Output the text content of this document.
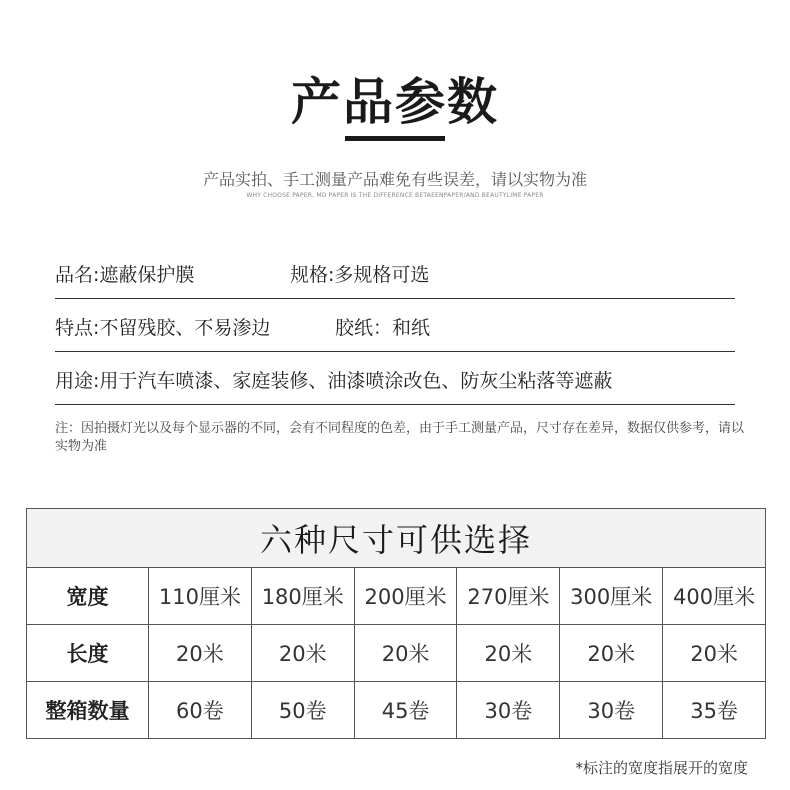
产品参数
产品实拍、手工测量产品难免有些误差，请以实物为准
WHY CHOOSE PAPER, MD PAPER IS THE DIFFERENCE BETAEENPAPER/AND BEAUTYLIME PAPER
品名:遮蔽保护膜	规格:多规格可选
特点:不留残胶、不易渗边	胶纸：和纸
用途:用于汽车喷漆、家庭装修、油漆喷涂改色、防灰尘粘落等遮蔽
注：因拍摄灯光以及每个显示器的不同，会有不同程度的色差，由于手工测量产品，尺寸存在差异，数据仅供参考，请以实物为准
六种尺寸可供选择						
宽度	110厘米	180厘米	200厘米	270厘米	300厘米	400厘米
长度	20米	20米	20米	20米	20米	20米
整箱数量	60卷	50卷	45卷	30卷	30卷	35卷
*标注的宽度指展开的宽度
